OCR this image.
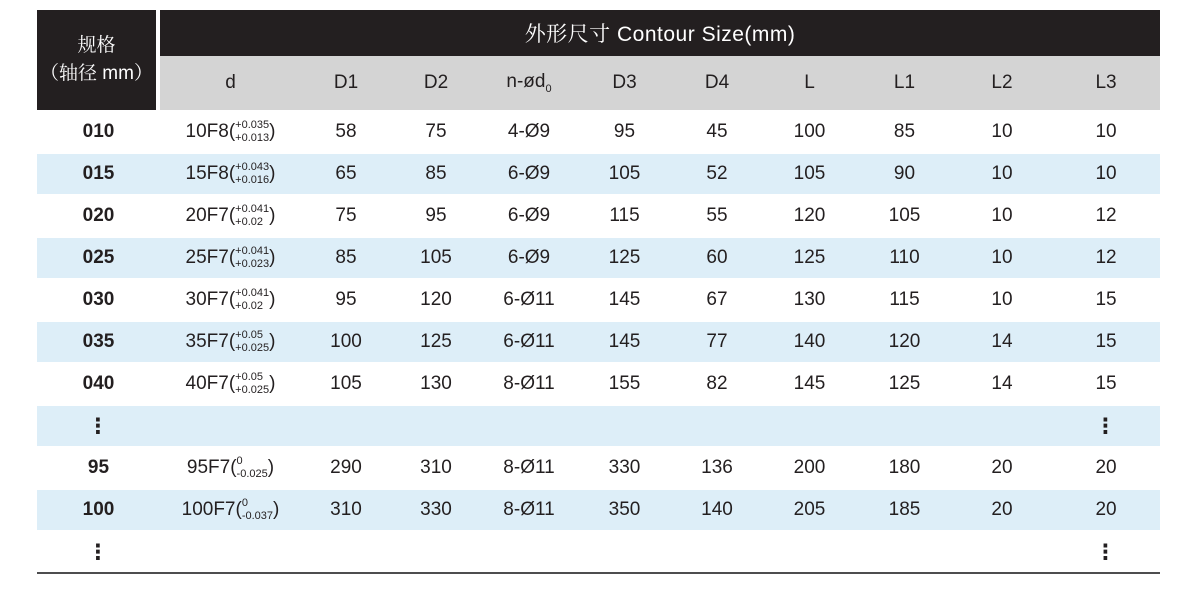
规格
（轴径 mm）	外形尺寸 Contour Size(mm)									
	d	D1	D2	$n-ød_0$	D3	D4	L	L1	L2	L3
010	10F8 ( +0.035
+0.013 )	58	75	4-Ø9	95	45	100	85	10	10
015	15F8 ( +0.043
+0.016 )	65	85	6-Ø9	105	52	105	90	10	10
020	20F7 ( +0.041
+0.02 )	75	95	6-Ø9	115	55	120	105	10	12
025	25F7 ( +0.041
+0.023 )	85	105	6-Ø9	125	60	125	110	10	12
030	30F7 ( +0.041
+0.02 )	95	120	6-Ø11	145	67	130	115	10	15
035	35F7 ( +0.05
+0.025 )	100	125	6-Ø11	145	77	140	120	14	15
040	40F7 ( +0.05
+0.025 )	105	130	8-Ø11	155	82	145	125	14	15
⋮										⋮
95	95F7 ( 0
-0.025 )	290	310	8-Ø11	330	136	200	180	20	20
100	100F7 ( 0
-0.037 )	310	330	8-Ø11	350	140	205	185	20	20
⋮										⋮
